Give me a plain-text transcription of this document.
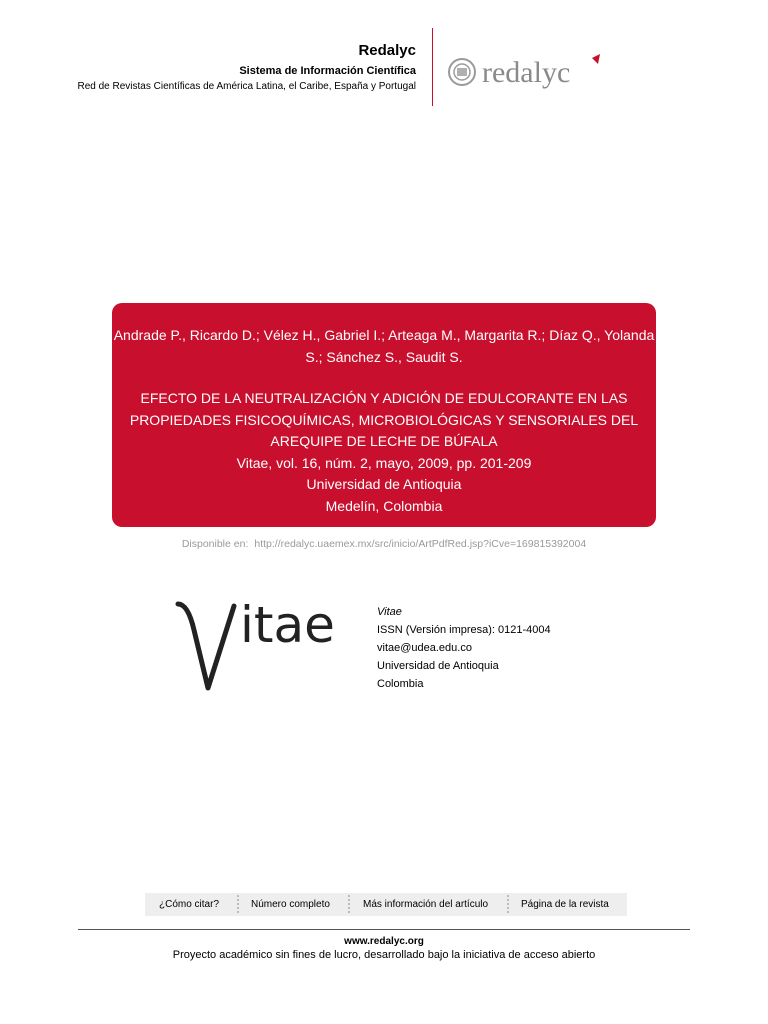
Redalyc
Sistema de Información Científica
Red de Revistas Científicas de América Latina, el Caribe, España y Portugal redalyc
Andrade P., Ricardo D.; Vélez H., Gabriel I.; Arteaga M., Margarita R.; Díaz Q., Yolanda
S.; Sánchez S., Saudit S.
EFECTO DE LA NEUTRALIZACIÓN Y ADICIÓN DE EDULCORANTE EN LAS
PROPIEDADES FISICOQUÍMICAS, MICROBIOLÓGICAS Y SENSORIALES DEL
AREQUIPE DE LECHE DE BÚFALA
Vitae, vol. 16, núm. 2, mayo, 2009, pp. 201-209
Universidad de Antioquia
Medelín, Colombia
Disponible en: http://redalyc.uaemex.mx/src/inicio/ArtPdfRed.jsp?iCve=169815392004
itae	Vitae
ISSN (Versión impresa): 0121-4004
vitae@udea.edu.co
Universidad de Antioquia
Colombia
¿Cómo citar?	Número completo	Más información del artículo	Página de la revista
www.redalyc.org
Proyecto académico sin fines de lucro, desarrollado bajo la iniciativa de acceso abierto
